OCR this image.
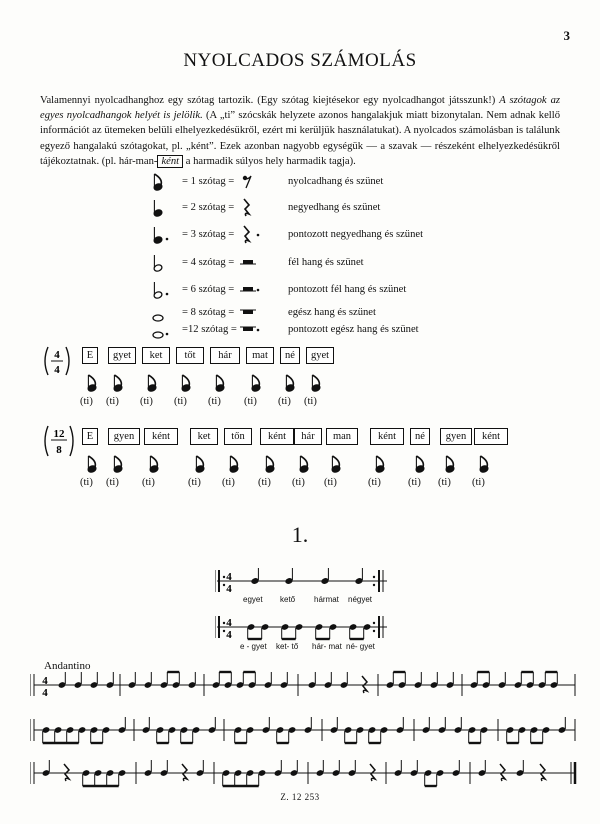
3
NYOLCADOS SZÁMOLÁS

Valamennyi nyolcadhanghoz egy szótag tartozik. (Egy szótag kiejtésekor egy nyolcadhangot játsszunk!) A szótagok az egyes nyolcadhangok helyét is jelölik. (A „ti” szócskák helyzete azonos hangalakjuk miatt bizonytalan. Nem adnak kellő információt az ütemeken belüli elhelyezkedésükről, ezért mi kerüljük használatukat). A nyolcados számolásban is találunk egyező hangalakú szótagokat, pl. „ként”. Ezek azonban nagyobb egységük — a szavak — részeként elhelyezkedésükről tájékoztatnak. (pl. hár-man- ként a harmadik súlyos hely harmadik tagja).

= 1 szótag =	nyolcadhang és szünet
= 2 szótag =	negyedhang és szünet
= 3 szótag =	pontozott negyedhang és szünet
= 4 szótag =	fél hang és szünet
= 6 szótag =	pontozott fél hang és szünet
= 8 szótag =	egész hang és szünet
=12 szótag =	pontozott egész hang és szünet
4
4
E
(ti)
gyet
(ti)
ket
(ti)
tőt
(ti)
hár
(ti)
mat
(ti)
né
(ti)
gyet
(ti)
12
8
E
(ti)
gyen
(ti)
ként
(ti)
ket
(ti)
tőn
(ti)
ként
(ti)
hár
(ti)
man
(ti)
ként
(ti)
né
(ti)
gyen
(ti)
ként
(ti)
1.
4
4
egyet kető hármat négyet
4
4
e - gyet ket- tő hár- mat né- gyet
Andantino
4
4
Z. 12 253
